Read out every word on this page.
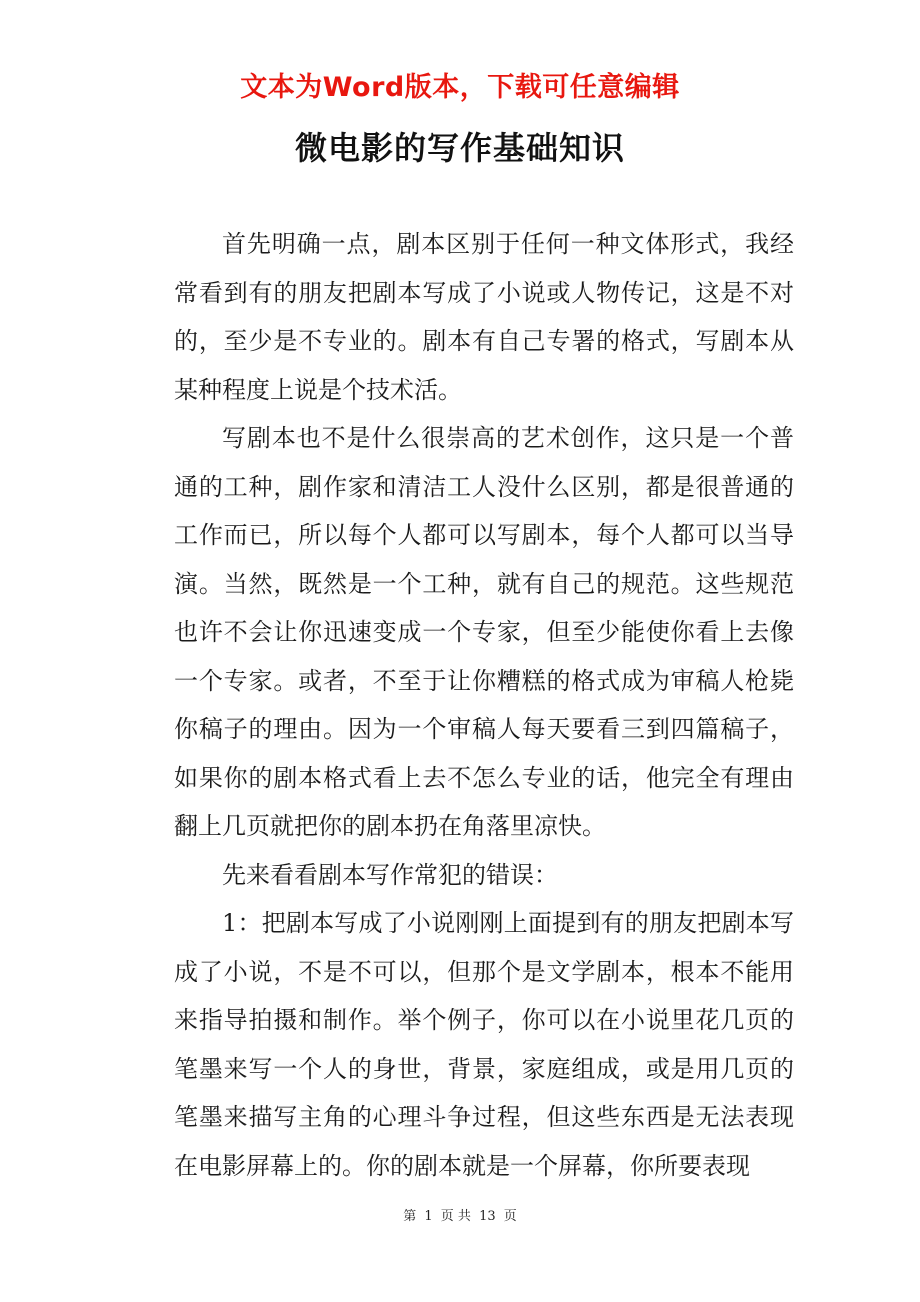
文本为Word版本，下载可任意编辑
微电影的写作基础知识

首先明确一点，剧本区别于任何一种文体形式，我经常看到有的朋友把剧本写成了小说或人物传记，这是不对的，至少是不专业的。剧本有自己专署的格式，写剧本从某种程度上说是个技术活。

写剧本也不是什么很崇高的艺术创作，这只是一个普通的工种，剧作家和清洁工人没什么区别，都是很普通的工作而已，所以每个人都可以写剧本，每个人都可以当导演。当然，既然是一个工种，就有自己的规范。这些规范也许不会让你迅速变成一个专家，但至少能使你看上去像一个专家。或者，不至于让你糟糕的格式成为审稿人枪毙你稿子的理由。因为一个审稿人每天要看三到四篇稿子，如果你的剧本格式看上去不怎么专业的话，他完全有理由翻上几页就把你的剧本扔在角落里凉快。

先来看看剧本写作常犯的错误：

1：把剧本写成了小说刚刚上面提到有的朋友把剧本写成了小说，不是不可以，但那个是文学剧本，根本不能用来指导拍摄和制作。举个例子，你可以在小说里花几页的笔墨来写一个人的身世，背景，家庭组成，或是用几页的笔墨来描写主角的心理斗争过程，但这些东西是无法表现在电影屏幕上的。你的剧本就是一个屏幕，你所要表现

第 1 页 共 13 页
